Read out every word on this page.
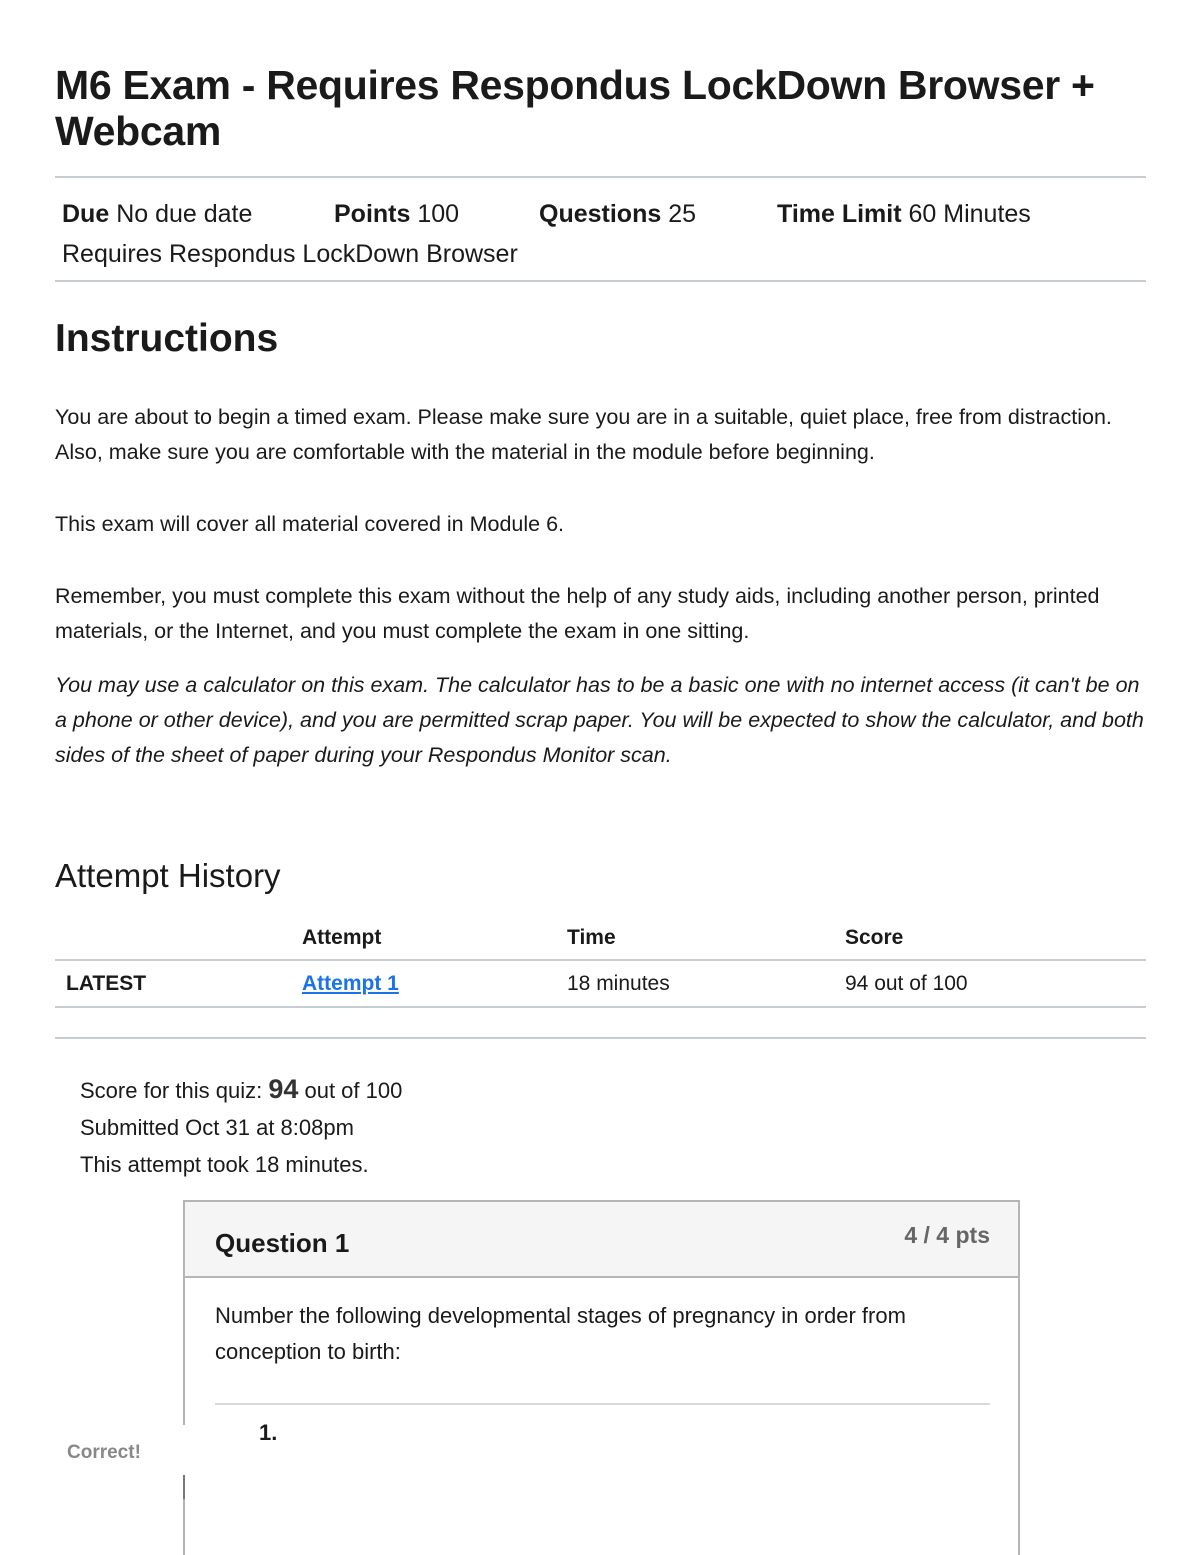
M6 Exam - Requires Respondus LockDown Browser + Webcam
Due No due date	Points 100	Questions 25	Time Limit 60 Minutes
Requires Respondus LockDown Browser
Instructions

You are about to begin a timed exam. Please make sure you are in a suitable, quiet place, free from distraction. Also, make sure you are comfortable with the material in the module before beginning.

This exam will cover all material covered in Module 6.

Remember, you must complete this exam without the help of any study aids, including another person, printed materials, or the Internet, and you must complete the exam in one sitting.

You may use a calculator on this exam. The calculator has to be a basic one with no internet access (it can't be on a phone or other device), and you are permitted scrap paper. You will be expected to show the calculator, and both sides of the sheet of paper during your Respondus Monitor scan.

Attempt History
	Attempt	Time	Score
LATEST	Attempt 1	18 minutes	94 out of 100
Score for this quiz: 94 out of 100
Submitted Oct 31 at 8:08pm
This attempt took 18 minutes.
Question 1	4 / 4 pts
Number the following developmental stages of pregnancy in order from conception to birth:
1.
Correct!
